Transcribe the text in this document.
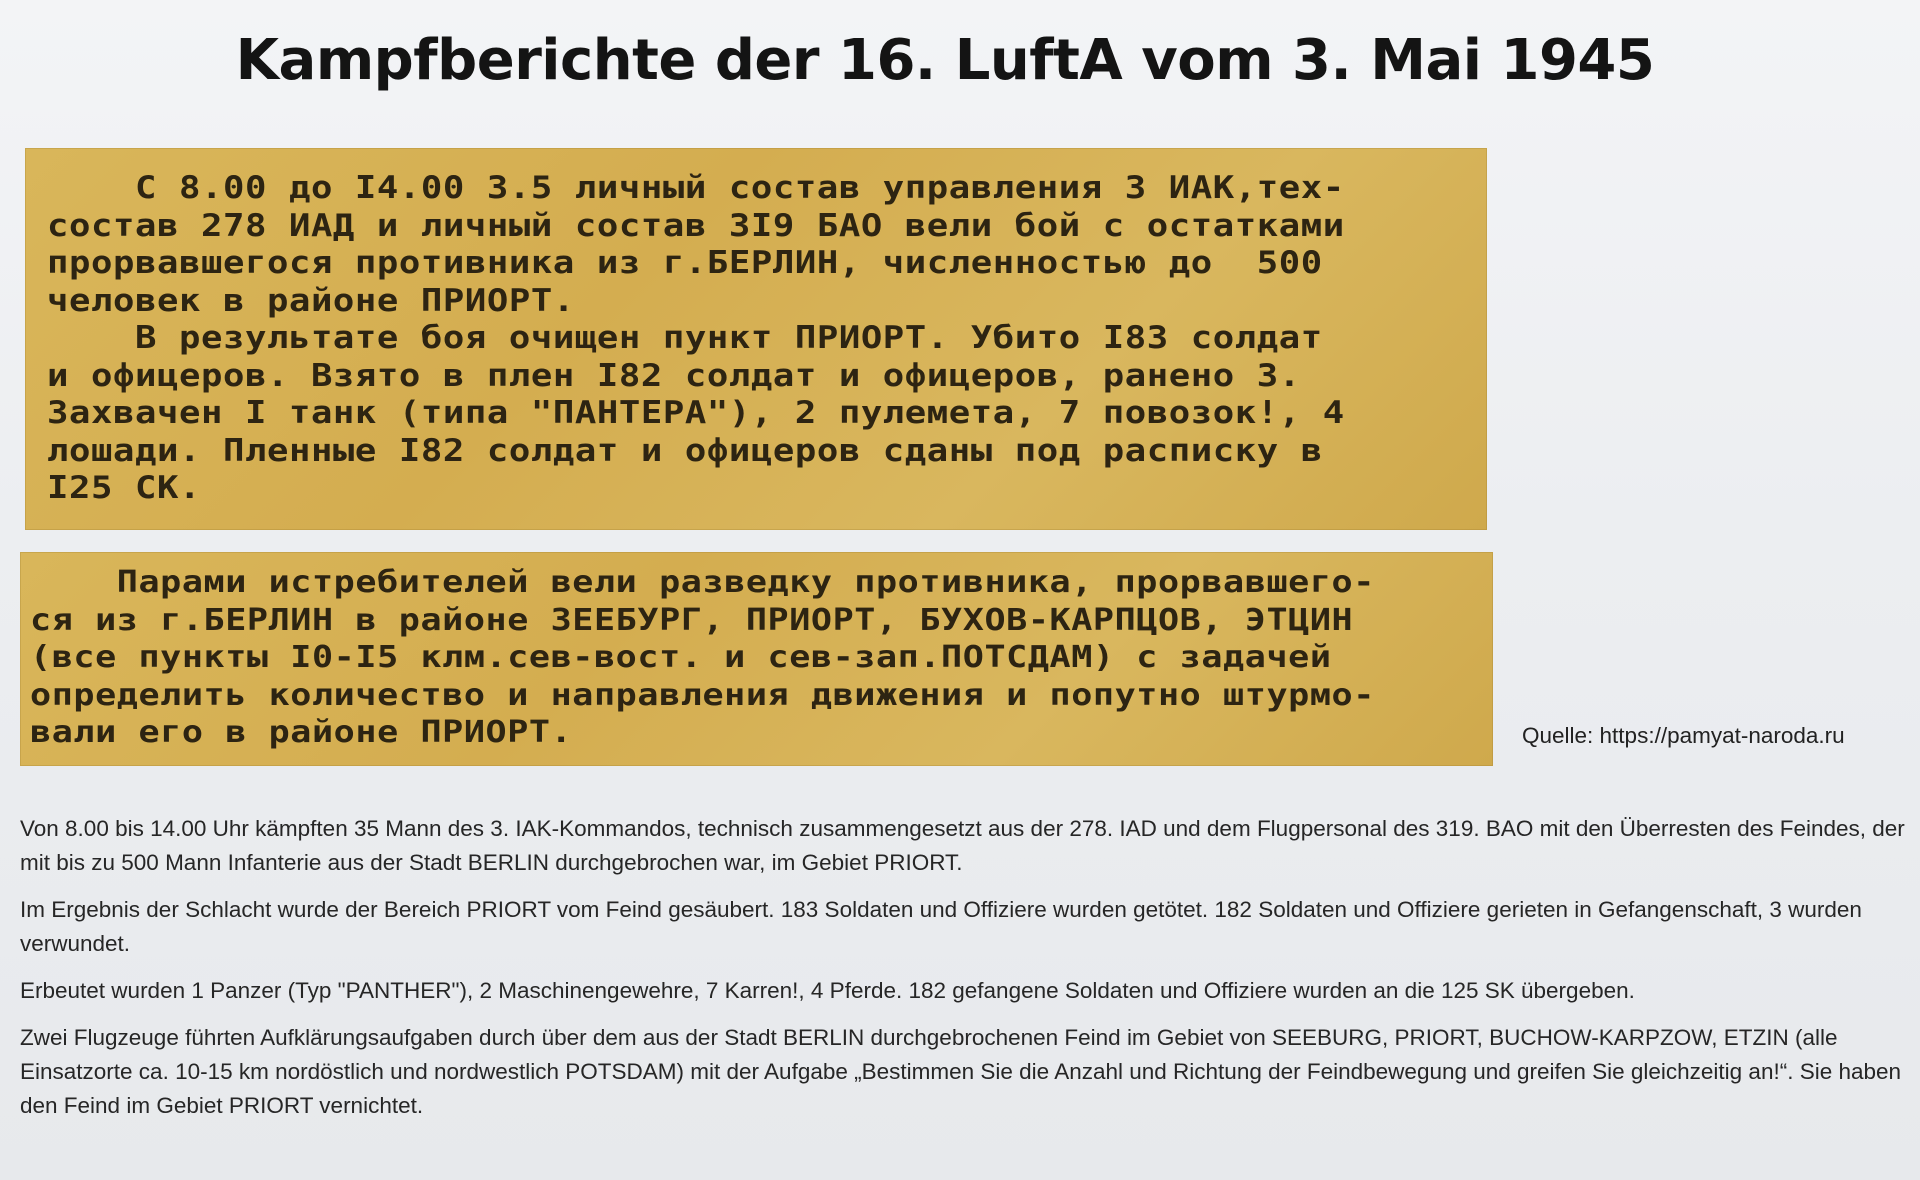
Kampfberichte der 16. LuftA vom 3. Mai 1945
С 8.00 до I4.00 3.5 личный состав управления 3 ИАК,тех-
состав 278 ИАД и личный состав 3I9 БАО вели бой с остатками
прорвавшегося противника из г.БЕРЛИН, численностью до  500
человек в районе ПРИОРТ.
В результате боя очищен пункт ПРИОРТ. Убито I83 солдат
и офицеров. Взято в плен I82 солдат и офицеров, ранено 3.
Захвачен I танк (типа "ПАНТЕРА"), 2 пулемета, 7 повозок!, 4
лошади. Пленные I82 солдат и офицеров сданы под расписку в
I25 СК.
Парами истребителей вели разведку противника, прорвавшего-
ся из г.БЕРЛИН в районе ЗЕЕБУРГ, ПРИОРТ, БУХОВ-КАРПЦОВ, ЭТЦИН
(все пункты I0-I5 клм.сев-вост. и сев-зап.ПОТСДАМ) с задачей
определить количество и направления движения и попутно штурмо-
вали его в районе ПРИОРТ.	Quelle: https://pamyat-naroda.ru

Von 8.00 bis 14.00 Uhr kämpften 35 Mann des 3. IAK-Kommandos, technisch zusammengesetzt aus der 278. IAD und dem Flugpersonal des 319. BAO mit den Überresten des Feindes, der mit bis zu 500 Mann Infanterie aus der Stadt BERLIN durchgebrochen war, im Gebiet PRIORT.

Im Ergebnis der Schlacht wurde der Bereich PRIORT vom Feind gesäubert. 183 Soldaten und Offiziere wurden getötet. 182 Soldaten und Offiziere gerieten in Gefangenschaft, 3 wurden verwundet.

Erbeutet wurden 1 Panzer (Typ "PANTHER"), 2 Maschinengewehre, 7 Karren!, 4 Pferde. 182 gefangene Soldaten und Offiziere wurden an die 125 SK übergeben.

Zwei Flugzeuge führten Aufklärungsaufgaben durch über dem aus der Stadt BERLIN durchgebrochenen Feind im Gebiet von SEEBURG, PRIORT, BUCHOW-KARPZOW, ETZIN (alle Einsatzorte ca. 10-15 km nordöstlich und nordwestlich POTSDAM) mit der Aufgabe „Bestimmen Sie die Anzahl und Richtung der Feindbewegung und greifen Sie gleichzeitig an!“. Sie haben den Feind im Gebiet PRIORT vernichtet.
